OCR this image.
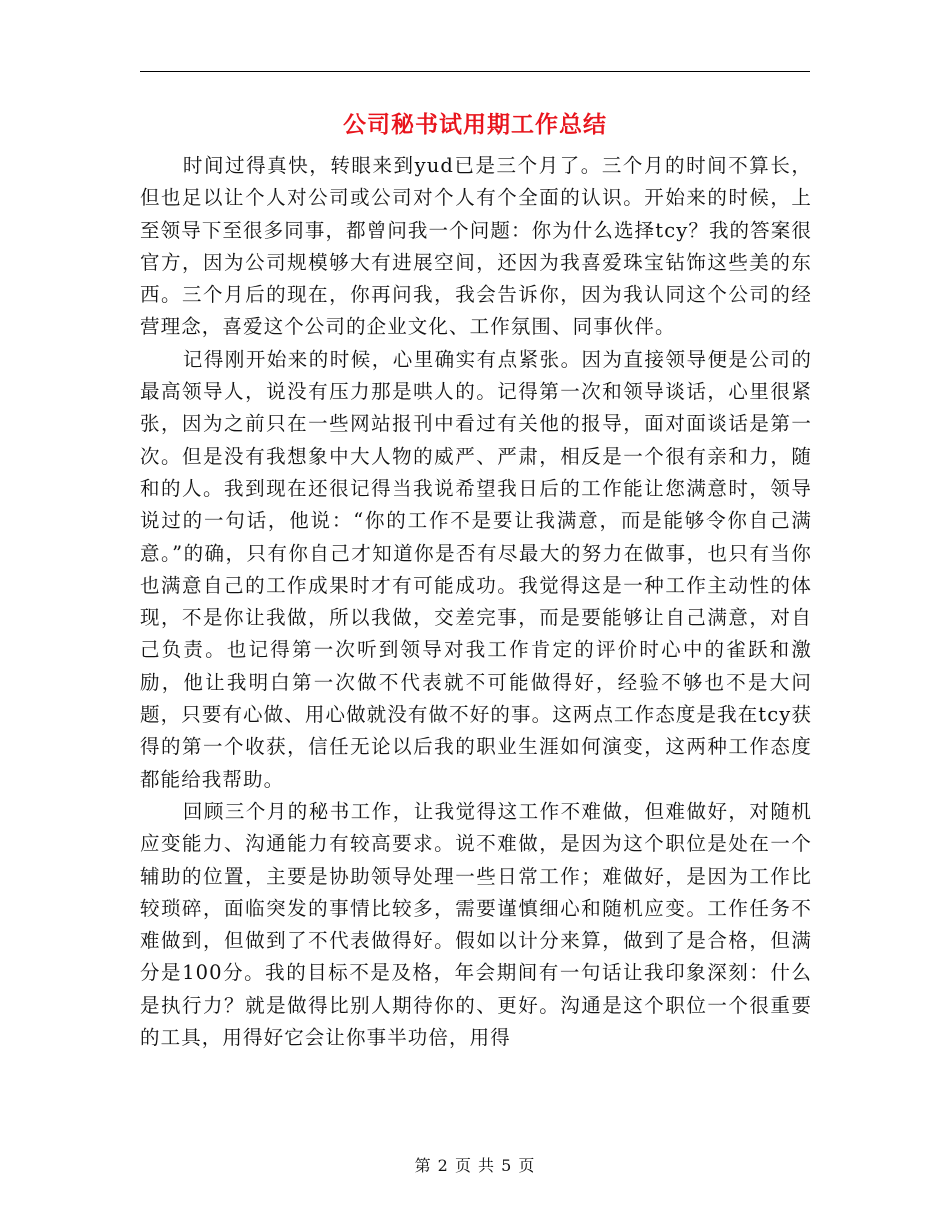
公司秘书试用期工作总结

时间过得真快，转眼来到yud已是三个月了。三个月的时间不算长，但也足以让个人对公司或公司对个人有个全面的认识。开始来的时候，上至领导下至很多同事，都曾问我一个问题：你为什么选择tcy？我的答案很官方，因为公司规模够大有进展空间，还因为我喜爱珠宝钻饰这些美的东西。三个月后的现在，你再问我，我会告诉你，因为我认同这个公司的经营理念，喜爱这个公司的企业文化、工作氛围、同事伙伴。

记得刚开始来的时候，心里确实有点紧张。因为直接领导便是公司的最高领导人，说没有压力那是哄人的。记得第一次和领导谈话，心里很紧张，因为之前只在一些网站报刊中看过有关他的报导，面对面谈话是第一次。但是没有我想象中大人物的威严、严肃，相反是一个很有亲和力，随和的人。我到现在还很记得当我说希望我日后的工作能让您满意时，领导说过的一句话，他说：“你的工作不是要让我满意，而是能够令你自己满意。”的确，只有你自己才知道你是否有尽最大的努力在做事，也只有当你也满意自己的工作成果时才有可能成功。我觉得这是一种工作主动性的体现，不是你让我做，所以我做，交差完事，而是要能够让自己满意，对自己负责。也记得第一次听到领导对我工作肯定的评价时心中的雀跃和激励，他让我明白第一次做不代表就不可能做得好，经验不够也不是大问题，只要有心做、用心做就没有做不好的事。这两点工作态度是我在tcy获得的第一个收获，信任无论以后我的职业生涯如何演变，这两种工作态度都能给我帮助。

回顾三个月的秘书工作，让我觉得这工作不难做，但难做好，对随机应变能力、沟通能力有较高要求。说不难做，是因为这个职位是处在一个辅助的位置，主要是协助领导处理一些日常工作；难做好，是因为工作比较琐碎，面临突发的事情比较多，需要谨慎细心和随机应变。工作任务不难做到，但做到了不代表做得好。假如以计分来算，做到了是合格，但满分是100分。我的目标不是及格，年会期间有一句话让我印象深刻：什么是执行力？就是做得比别人期待你的、更好。沟通是这个职位一个很重要的工具，用得好它会让你事半功倍，用得

第 2 页 共 5 页
